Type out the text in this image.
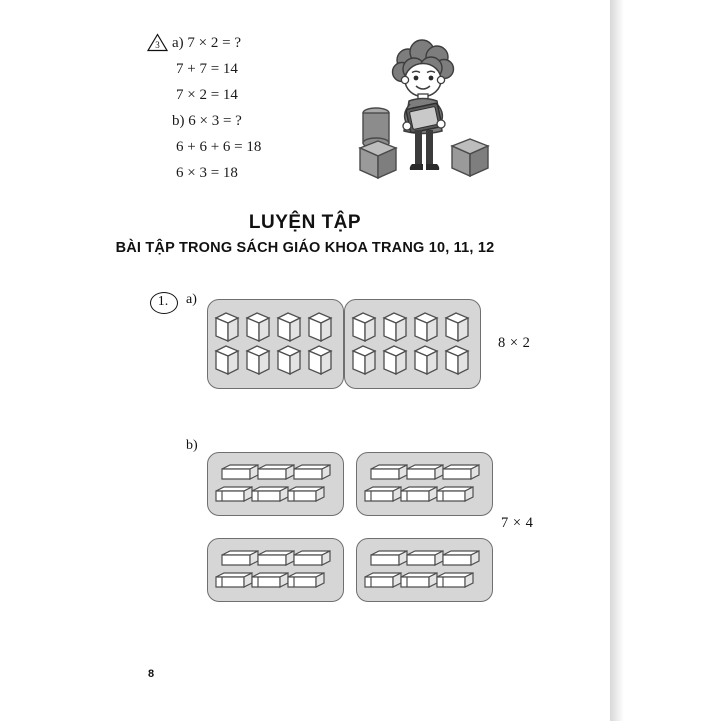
3 a) 7 × 2 = ?
7 + 7 = 14
7 × 2 = 14
b) 6 × 3 = ?
6 + 6 + 6 = 18
6 × 3 = 18
LUYỆN TẬP
BÀI TẬP TRONG SÁCH GIÁO KHOA TRANG 10, 11, 12
1. a)
b)
8 × 2
7 × 4
8
